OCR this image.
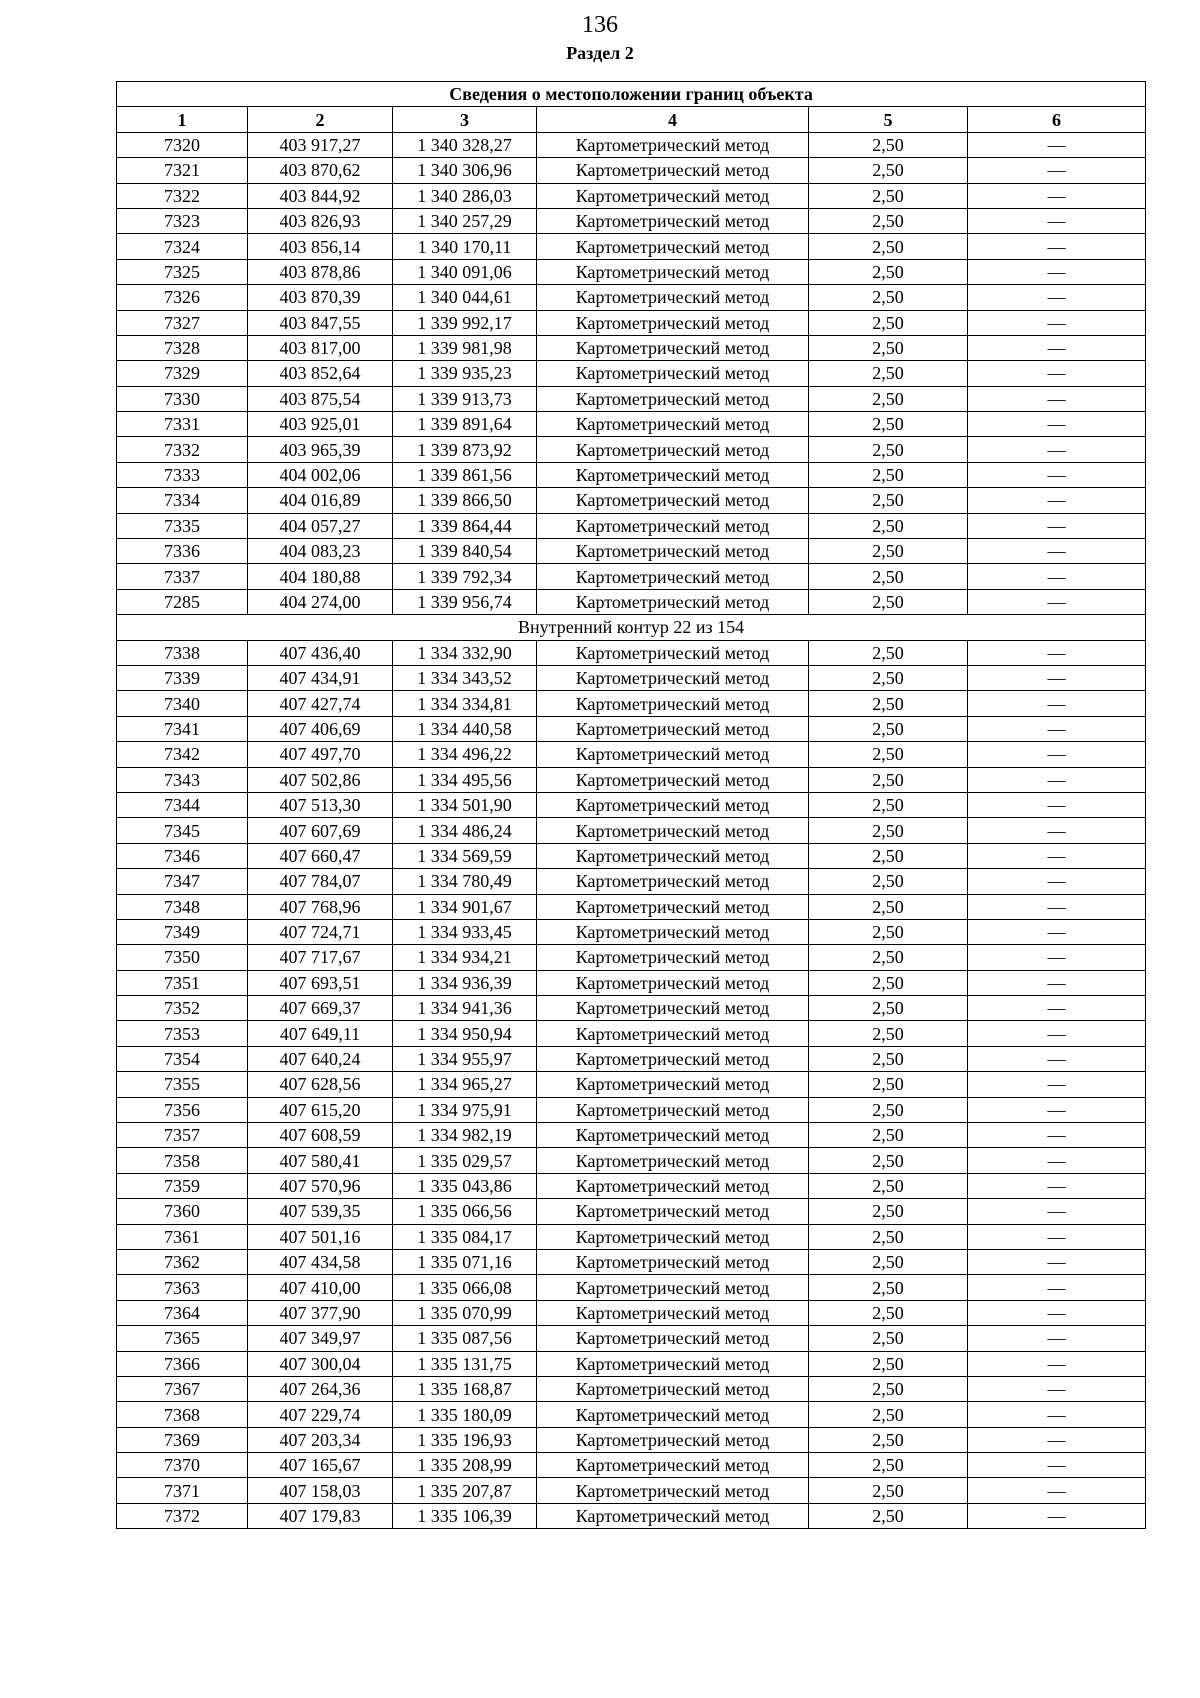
136
Раздел 2
Сведения о местоположении границ объекта					
1	2	3	4	5	6
7320	403 917,27	1 340 328,27	Картометрический метод	2,50	—
7321	403 870,62	1 340 306,96	Картометрический метод	2,50	—
7322	403 844,92	1 340 286,03	Картометрический метод	2,50	—
7323	403 826,93	1 340 257,29	Картометрический метод	2,50	—
7324	403 856,14	1 340 170,11	Картометрический метод	2,50	—
7325	403 878,86	1 340 091,06	Картометрический метод	2,50	—
7326	403 870,39	1 340 044,61	Картометрический метод	2,50	—
7327	403 847,55	1 339 992,17	Картометрический метод	2,50	—
7328	403 817,00	1 339 981,98	Картометрический метод	2,50	—
7329	403 852,64	1 339 935,23	Картометрический метод	2,50	—
7330	403 875,54	1 339 913,73	Картометрический метод	2,50	—
7331	403 925,01	1 339 891,64	Картометрический метод	2,50	—
7332	403 965,39	1 339 873,92	Картометрический метод	2,50	—
7333	404 002,06	1 339 861,56	Картометрический метод	2,50	—
7334	404 016,89	1 339 866,50	Картометрический метод	2,50	—
7335	404 057,27	1 339 864,44	Картометрический метод	2,50	—
7336	404 083,23	1 339 840,54	Картометрический метод	2,50	—
7337	404 180,88	1 339 792,34	Картометрический метод	2,50	—
7285	404 274,00	1 339 956,74	Картометрический метод	2,50	—
Внутренний контур 22 из 154					
7338	407 436,40	1 334 332,90	Картометрический метод	2,50	—
7339	407 434,91	1 334 343,52	Картометрический метод	2,50	—
7340	407 427,74	1 334 334,81	Картометрический метод	2,50	—
7341	407 406,69	1 334 440,58	Картометрический метод	2,50	—
7342	407 497,70	1 334 496,22	Картометрический метод	2,50	—
7343	407 502,86	1 334 495,56	Картометрический метод	2,50	—
7344	407 513,30	1 334 501,90	Картометрический метод	2,50	—
7345	407 607,69	1 334 486,24	Картометрический метод	2,50	—
7346	407 660,47	1 334 569,59	Картометрический метод	2,50	—
7347	407 784,07	1 334 780,49	Картометрический метод	2,50	—
7348	407 768,96	1 334 901,67	Картометрический метод	2,50	—
7349	407 724,71	1 334 933,45	Картометрический метод	2,50	—
7350	407 717,67	1 334 934,21	Картометрический метод	2,50	—
7351	407 693,51	1 334 936,39	Картометрический метод	2,50	—
7352	407 669,37	1 334 941,36	Картометрический метод	2,50	—
7353	407 649,11	1 334 950,94	Картометрический метод	2,50	—
7354	407 640,24	1 334 955,97	Картометрический метод	2,50	—
7355	407 628,56	1 334 965,27	Картометрический метод	2,50	—
7356	407 615,20	1 334 975,91	Картометрический метод	2,50	—
7357	407 608,59	1 334 982,19	Картометрический метод	2,50	—
7358	407 580,41	1 335 029,57	Картометрический метод	2,50	—
7359	407 570,96	1 335 043,86	Картометрический метод	2,50	—
7360	407 539,35	1 335 066,56	Картометрический метод	2,50	—
7361	407 501,16	1 335 084,17	Картометрический метод	2,50	—
7362	407 434,58	1 335 071,16	Картометрический метод	2,50	—
7363	407 410,00	1 335 066,08	Картометрический метод	2,50	—
7364	407 377,90	1 335 070,99	Картометрический метод	2,50	—
7365	407 349,97	1 335 087,56	Картометрический метод	2,50	—
7366	407 300,04	1 335 131,75	Картометрический метод	2,50	—
7367	407 264,36	1 335 168,87	Картометрический метод	2,50	—
7368	407 229,74	1 335 180,09	Картометрический метод	2,50	—
7369	407 203,34	1 335 196,93	Картометрический метод	2,50	—
7370	407 165,67	1 335 208,99	Картометрический метод	2,50	—
7371	407 158,03	1 335 207,87	Картометрический метод	2,50	—
7372	407 179,83	1 335 106,39	Картометрический метод	2,50	—
